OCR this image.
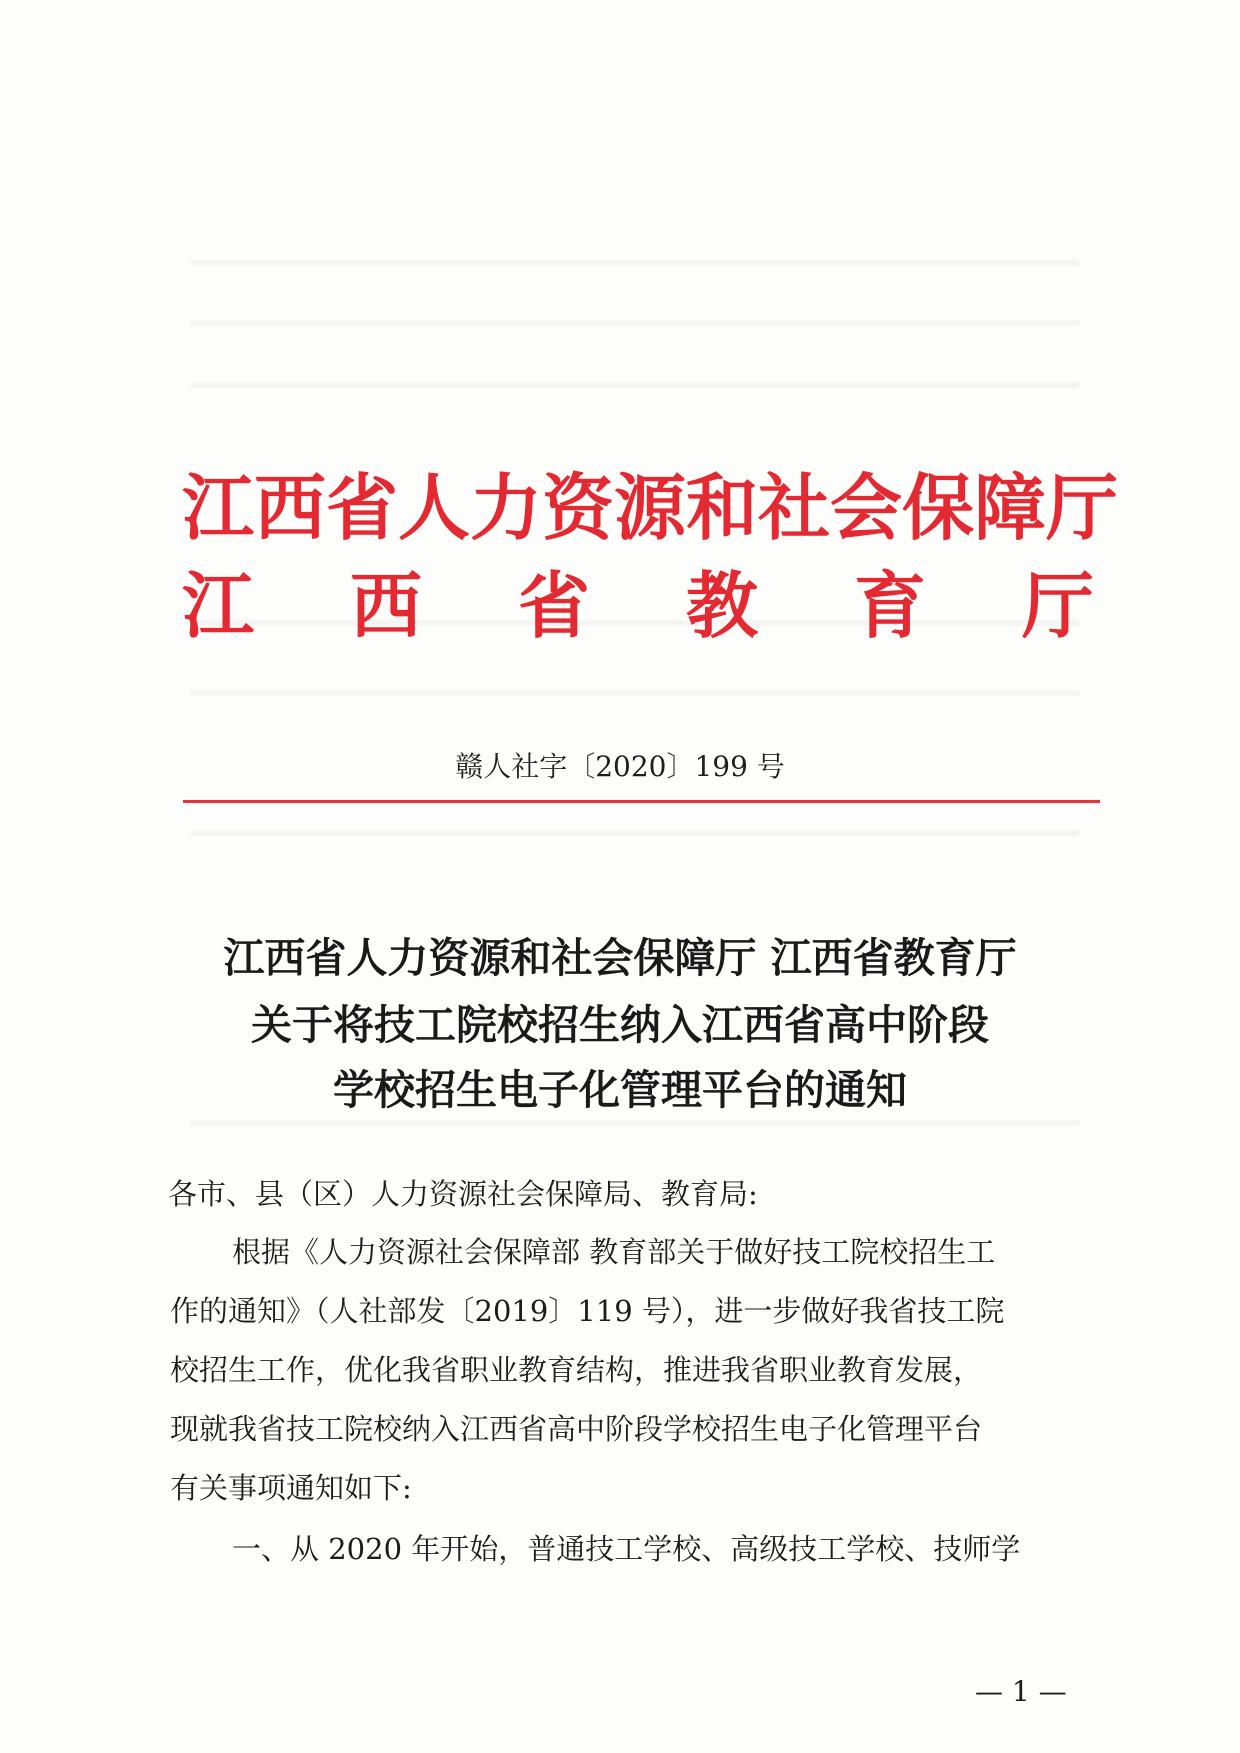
江西省人力资源和社会保障厅
江 西 省 教 育 厅
赣人社字〔2020〕199 号
江西省人力资源和社会保障厅 江西省教育厅
关于将技工院校招生纳入江西省高中阶段
学校招生电子化管理平台的通知
各市、县（区）人力资源社会保障局、教育局:
根据《人力资源社会保障部 教育部关于做好技工院校招生工
作的通知》（人社部发〔2019〕119 号），进一步做好我省技工院
校招生工作，优化我省职业教育结构，推进我省职业教育发展，
现就我省技工院校纳入江西省高中阶段学校招生电子化管理平台
有关事项通知如下:
一、从 2020 年开始，普通技工学校、高级技工学校、技师学
— 1 —
